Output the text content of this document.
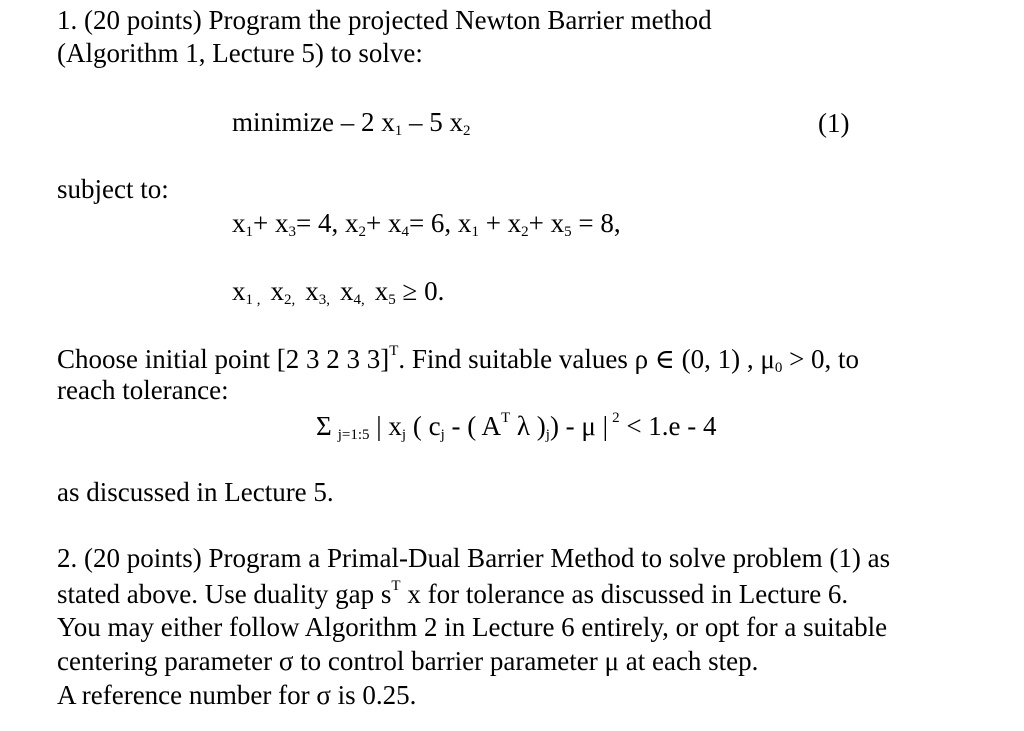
1. (20 points) Program the projected Newton Barrier method
(Algorithm 1, Lecture 5) to solve:
minimize – 2 $x_1 - 5$ $x_2$	(1)
subject to:
$x_1+ x_3= 4$, $x_2+ x_4= 6$, $x_1 + x_2+ x_5 = 8$,
$x_{1 ,}$ $x_{2,}$ $x_{3,}$ $x_{4,}$ $x_5 \ge 0$.
Choose initial point [2 3 2 3 3]$^T$. Find suitable values ρ ∈ (0, 1) , $\mu_0 > 0$, to
reach tolerance:
Σ $_{j=1:5}$ | $x_j$ ( $c_j$ - ( $A^T$ λ )$_j$) - μ | $^2$ < 1.e - 4
as discussed in Lecture 5.
2. (20 points) Program a Primal-Dual Barrier Method to solve problem (1) as
stated above. Use duality gap $s^T$ x for tolerance as discussed in Lecture 6.
You may either follow Algorithm 2 in Lecture 6 entirely, or opt for a suitable
centering parameter σ to control barrier parameter μ at each step.
A reference number for σ is 0.25.
